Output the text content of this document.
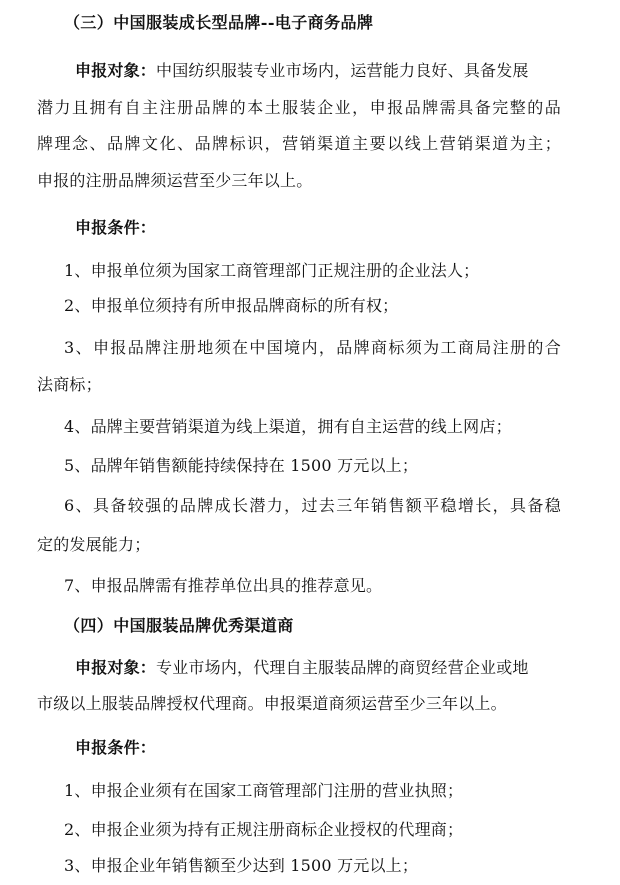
（三）中国服装成长型品牌--电子商务品牌
申报对象：中国纺织服装专业市场内，运营能力良好、具备发展
潜力且拥有自主注册品牌的本土服装企业，申报品牌需具备完整的品
牌理念、品牌文化、品牌标识，营销渠道主要以线上营销渠道为主；
申报的注册品牌须运营至少三年以上。
申报条件：
1、申报单位须为国家工商管理部门正规注册的企业法人；
2、申报单位须持有所申报品牌商标的所有权；
3、申报品牌注册地须在中国境内，品牌商标须为工商局注册的合
法商标；
4、品牌主要营销渠道为线上渠道，拥有自主运营的线上网店；
5、品牌年销售额能持续保持在 1500 万元以上；
6、具备较强的品牌成长潜力，过去三年销售额平稳增长，具备稳
定的发展能力；
7、申报品牌需有推荐单位出具的推荐意见。
（四）中国服装品牌优秀渠道商
申报对象：专业市场内，代理自主服装品牌的商贸经营企业或地
市级以上服装品牌授权代理商。申报渠道商须运营至少三年以上。
申报条件：
1、申报企业须有在国家工商管理部门注册的营业执照；
2、申报企业须为持有正规注册商标企业授权的代理商；
3、申报企业年销售额至少达到 1500 万元以上；
